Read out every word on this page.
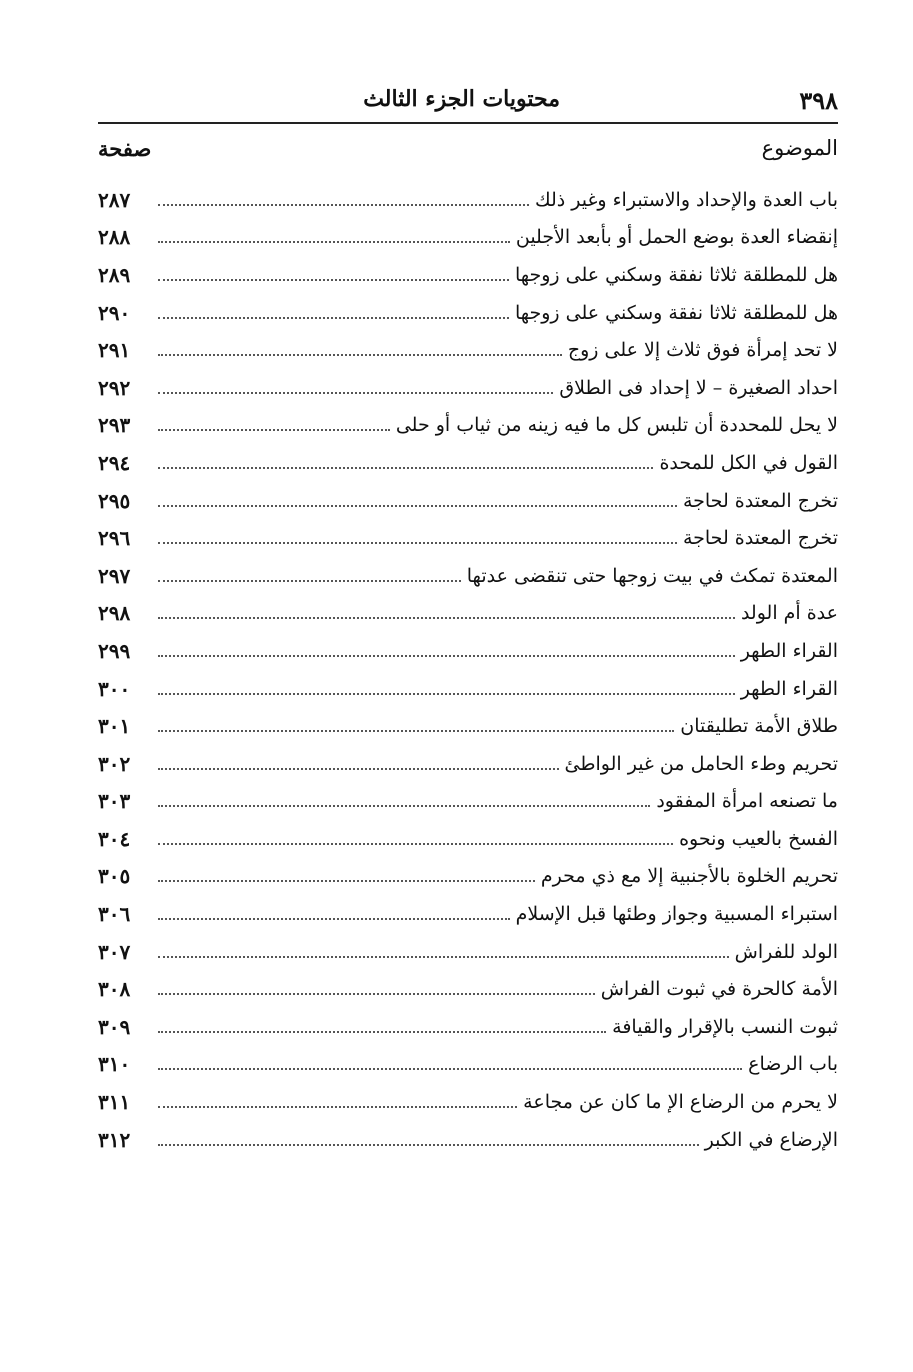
٣٩٨
محتويات الجزء الثالث
الموضوع
صفحة
باب العدة والإحداد والاستبراء وغير ذلك
٢٨٧
إنقضاء العدة بوضع الحمل أو بأبعد الأجلين
٢٨٨
هل للمطلقة ثلاثا نفقة وسكني على زوجها
٢٨٩
هل للمطلقة ثلاثا نفقة وسكني على زوجها
٢٩٠
لا تحد إمرأة فوق ثلاث إلا على زوج
٢٩١
احداد الصغيرة – لا إحداد فى الطلاق
٢٩٢
لا يحل للمحددة أن تلبس كل ما فيه زينه من ثياب أو حلى
٢٩٣
القول في الكل للمحدة
٢٩٤
تخرج المعتدة لحاجة
٢٩٥
تخرج المعتدة لحاجة
٢٩٦
المعتدة تمكث في بيت زوجها حتى تنقضى عدتها
٢٩٧
عدة أم الولد
٢٩٨
القراء الطهر
٢٩٩
القراء الطهر
٣٠٠
طلاق الأمة تطليقتان
٣٠١
تحريم وطء الحامل من غير الواطئ
٣٠٢
ما تصنعه امرأة المفقود
٣٠٣
الفسخ بالعيب ونحوه
٣٠٤
تحريم الخلوة بالأجنبية إلا مع ذي محرم
٣٠٥
استبراء المسبية وجواز وطئها قبل الإسلام
٣٠٦
الولد للفراش
٣٠٧
الأمة كالحرة في ثبوت الفراش
٣٠٨
ثبوت النسب بالإقرار والقيافة
٣٠٩
باب الرضاع
٣١٠
لا يحرم من الرضاع الإ ما كان عن مجاعة
٣١١
الإرضاع في الكبر
٣١٢
